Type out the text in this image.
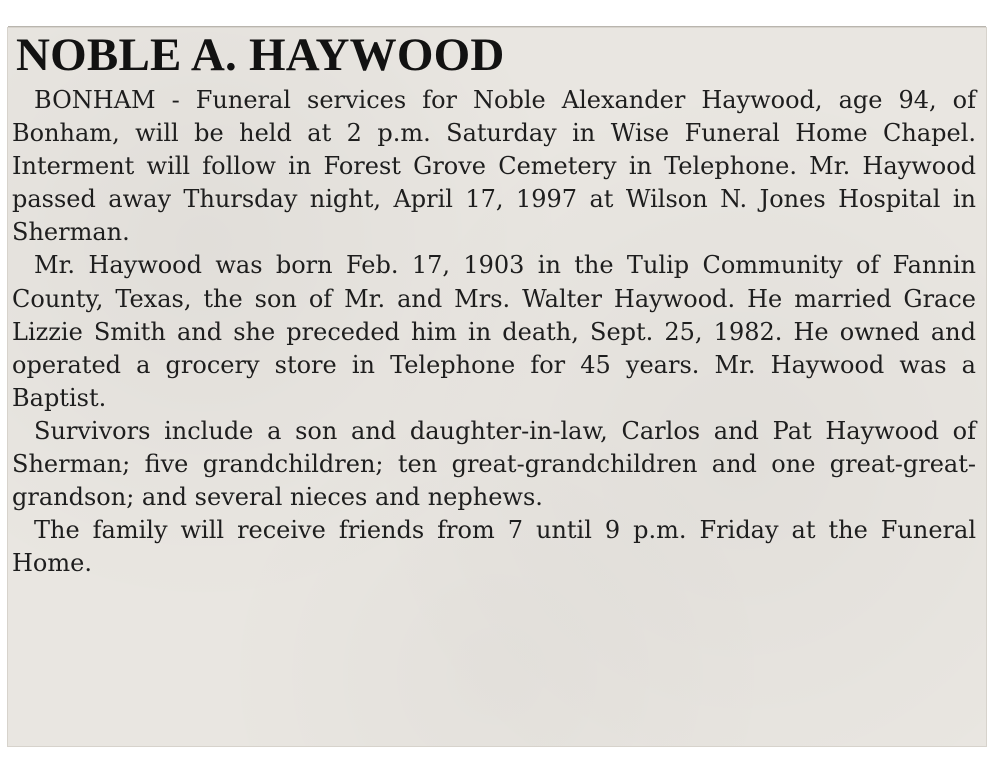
NOBLE A. HAYWOOD

BONHAM - Funeral services for Noble Alexander Haywood, age 94, of Bonham, will be held at 2 p.m. Saturday in Wise Funeral Home Chapel. Interment will follow in Forest Grove Cemetery in Telephone. Mr. Haywood passed away Thursday night, April 17, 1997 at Wilson N. Jones Hospital in Sherman.

Mr. Haywood was born Feb. 17, 1903 in the Tulip Community of Fannin County, Texas, the son of Mr. and Mrs. Walter Haywood. He married Grace Lizzie Smith and she preceded him in death, Sept. 25, 1982. He owned and operated a grocery store in Telephone for 45 years. Mr. Haywood was a Baptist.

Survivors include a son and daughter-in-law, Carlos and Pat Haywood of Sherman; five grandchildren; ten great-grandchildren and one great-great-grandson; and several nieces and nephews.

The family will receive friends from 7 until 9 p.m. Friday at the Funeral Home.
